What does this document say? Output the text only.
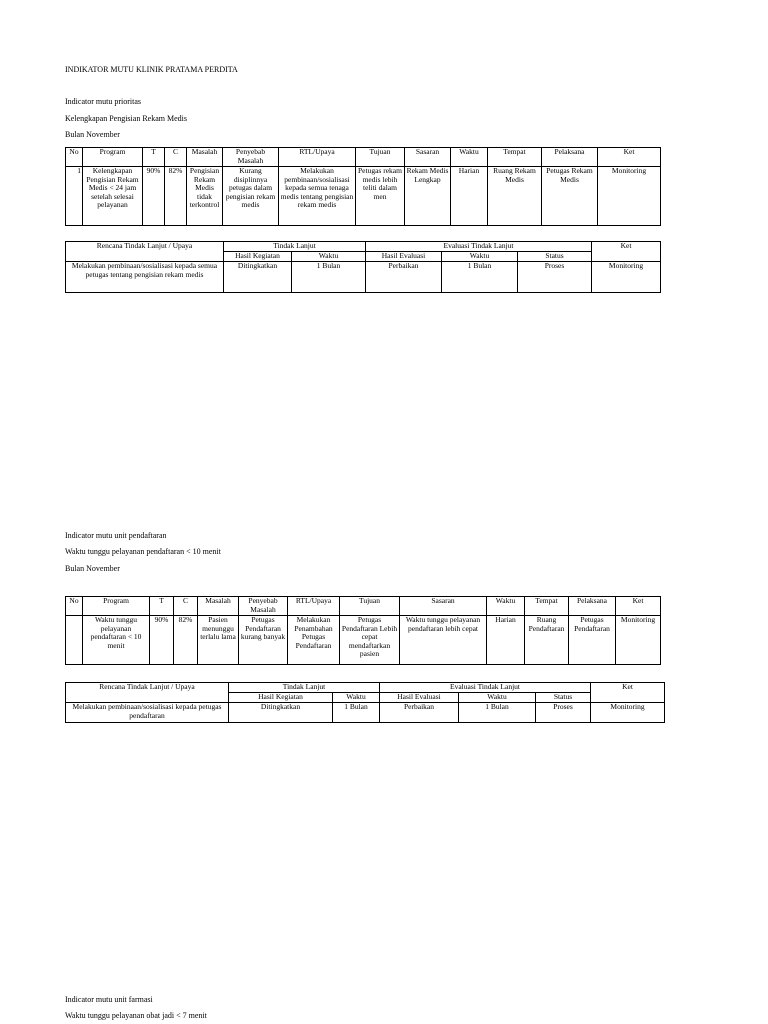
INDIKATOR MUTU KLINIK PRATAMA PERDITA
Indicator mutu prioritas
Kelengkapan Pengisian Rekam Medis
Bulan November
No	Program	T	C	Masalah	Penyebab Masalah	RTL/Upaya	Tujuan	Sasaran	Waktu	Tempat	Pelaksana	Ket
1	Kelengkapan Pengisian Rekam Medis < 24 jam setelah selesai pelayanan	90%	82%	Pengisian Rekam Medis tidak terkontrol	Kurang disiplinnya petugas dalam pengisian rekam medis	Melakukan pembinaan/sosialisasi kepada semua tenaga medis tentang pengisian rekam medis	Petugas rekam medis lebih teliti dalam men	Rekam Medis Lengkap	Harian	Ruang Rekam Medis	Petugas Rekam Medis	Monitoring
Rencana Tindak Lanjut / Upaya	Tindak Lanjut		Evaluasi Tindak Lanjut			Ket
	Hasil Kegiatan	Waktu	Hasil Evaluasi	Waktu	Status	
Melakukan pembinaan/sosialisasi kepada semua petugas tentang pengisian rekam medis	Ditingkatkan	1 Bulan	Perbaikan	1 Bulan	Proses	Monitoring
Indicator mutu unit pendaftaran
Waktu tunggu pelayanan pendaftaran < 10 menit
Bulan November
No	Program	T	C	Masalah	Penyebab Masalah	RTL/Upaya	Tujuan	Sasaran	Waktu	Tempat	Pelaksana	Ket
	Waktu tunggu pelayanan pendaftaran < 10 menit	90%	82%	Pasien menunggu terlalu lama	Petugas Pendaftaran kurang banyak	Melakukan Penambahan Petugas Pendaftaran	Petugas Pendaftaran Lebih cepat mendaftarkan pasien	Waktu tunggu pelayanan pendaftaran lebih cepat	Harian	Ruang Pendaftaran	Petugas Pendaftaran	Monitoring
Rencana Tindak Lanjut / Upaya	Tindak Lanjut		Evaluasi Tindak Lanjut			Ket
	Hasil Kegiatan	Waktu	Hasil Evaluasi	Waktu	Status	
Melakukan pembinaan/sosialisasi kepada petugas pendaftaran	Ditingkatkan	1 Bulan	Perbaikan	1 Bulan	Proses	Monitoring
Indicator mutu unit farmasi
Waktu tunggu pelayanan obat jadi < 7 menit
